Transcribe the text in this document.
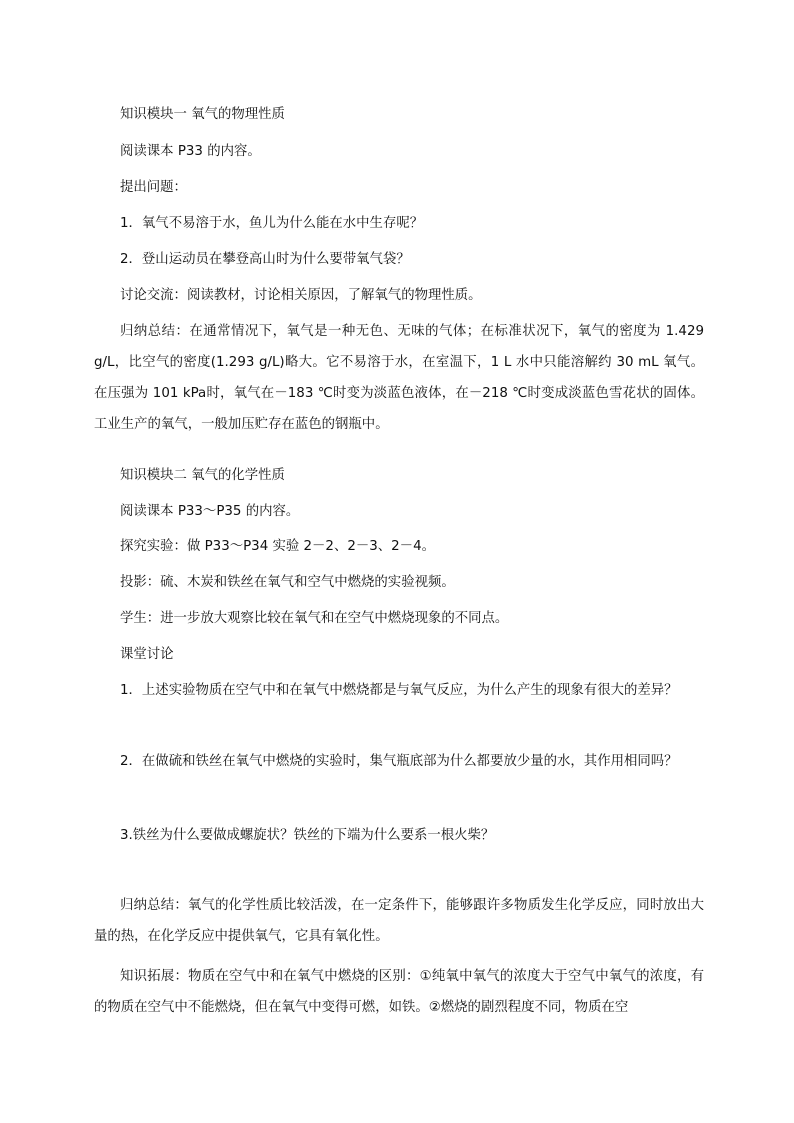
知识模块一 氧气的物理性质
阅读课本 P33 的内容。
提出问题：
1．氧气不易溶于水，鱼儿为什么能在水中生存呢？
2．登山运动员在攀登高山时为什么要带氧气袋？
讨论交流：阅读教材，讨论相关原因，了解氧气的物理性质。
归纳总结：在通常情况下，氧气是一种无色、无味的气体；在标准状况下，氧气的密度为 1.429 g/L，比空气的密度(1.293 g/L)略大。它不易溶于水，在室温下，1 L 水中只能溶解约 30 mL 氧气。在压强为 101 kPa时，氧气在－183 ℃时变为淡蓝色液体，在－218 ℃时变成淡蓝色雪花状的固体。工业生产的氧气，一般加压贮存在蓝色的钢瓶中。
知识模块二 氧气的化学性质
阅读课本 P33～P35 的内容。
探究实验：做 P33～P34 实验 2－2、2－3、2－4。
投影：硫、木炭和铁丝在氧气和空气中燃烧的实验视频。
学生：进一步放大观察比较在氧气和在空气中燃烧现象的不同点。
课堂讨论
1．上述实验物质在空气中和在氧气中燃烧都是与氧气反应，为什么产生的现象有很大的差异？
2．在做硫和铁丝在氧气中燃烧的实验时，集气瓶底部为什么都要放少量的水，其作用相同吗？
3.铁丝为什么要做成螺旋状？铁丝的下端为什么要系一根火柴？
归纳总结：氧气的化学性质比较活泼，在一定条件下，能够跟许多物质发生化学反应，同时放出大量的热，在化学反应中提供氧气，它具有氧化性。
知识拓展：物质在空气中和在氧气中燃烧的区别：①纯氧中氧气的浓度大于空气中氧气的浓度，有的物质在空气中不能燃烧，但在氧气中变得可燃，如铁。②燃烧的剧烈程度不同，物质在空
